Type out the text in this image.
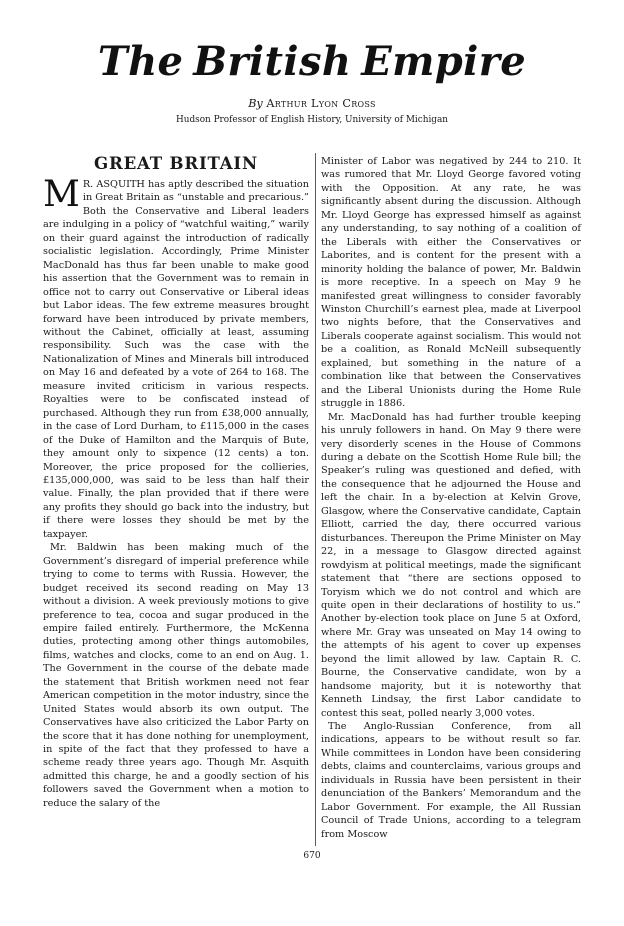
The British Empire
By Arthur Lyon Cross
Hudson Professor of English History, University of Michigan
GREAT BRITAIN

M R. ASQUITH has aptly described the situation in Great Britain as “unstable and precarious.” Both the Conservative and Liberal leaders are indulging in a policy of “watchful waiting,” warily on their guard against the introduction of radically socialistic legislation. Accordingly, Prime Minister MacDonald has thus far been unable to make good his assertion that the Government was to remain in office not to carry out Conservative or Liberal ideas but Labor ideas. The few extreme measures brought forward have been introduced by private members, without the Cabinet, officially at least, assuming responsibility. Such was the case with the Nationalization of Mines and Minerals bill introduced on May 16 and defeated by a vote of 264 to 168. The measure invited criticism in various respects. Royalties were to be confiscated instead of purchased. Although they run from £38,000 annually, in the case of Lord Durham, to £115,000 in the cases of the Duke of Hamilton and the Marquis of Bute, they amount only to sixpence (12 cents) a ton. Moreover, the price proposed for the collieries, £135,000,000, was said to be less than half their value. Finally, the plan provided that if there were any profits they should go back into the industry, but if there were losses they should be met by the taxpayer.

Mr. Baldwin has been making much of the Government’s disregard of imperial preference while trying to come to terms with Russia. However, the budget received its second reading on May 13 without a division. A week previously motions to give preference to tea, cocoa and sugar produced in the empire failed entirely. Furthermore, the McKenna duties, protecting among other things automobiles, films, watches and clocks, come to an end on Aug. 1. The Government in the course of the debate made the statement that British workmen need not fear American competition in the motor industry, since the United States would absorb its own output. The Conservatives have also criticized the Labor Party on the score that it has done nothing for unemployment, in spite of the fact that they professed to have a scheme ready three years ago. Though Mr. Asquith admitted this charge, he and a goodly section of his followers saved the Government when a motion to reduce the salary of the

Minister of Labor was negatived by 244 to 210. It was rumored that Mr. Lloyd George favored voting with the Opposition. At any rate, he was significantly absent during the discussion. Although Mr. Lloyd George has expressed himself as against any understanding, to say nothing of a coalition of the Liberals with either the Conservatives or Laborites, and is content for the present with a minority holding the balance of power, Mr. Baldwin is more receptive. In a speech on May 9 he manifested great willingness to consider favorably Winston Churchill’s earnest plea, made at Liverpool two nights before, that the Conservatives and Liberals cooperate against socialism. This would not be a coalition, as Ronald McNeill subsequently explained, but something in the nature of a combination like that between the Conservatives and the Liberal Unionists during the Home Rule struggle in 1886.

Mr. MacDonald has had further trouble keeping his unruly followers in hand. On May 9 there were very disorderly scenes in the House of Commons during a debate on the Scottish Home Rule bill; the Speaker’s ruling was questioned and defied, with the consequence that he adjourned the House and left the chair. In a by-election at Kelvin Grove, Glasgow, where the Conservative candidate, Captain Elliott, carried the day, there occurred various disturbances. Thereupon the Prime Minister on May 22, in a message to Glasgow directed against rowdyism at political meetings, made the significant statement that “there are sections opposed to Toryism which we do not control and which are quite open in their declarations of hostility to us.” Another by-election took place on June 5 at Oxford, where Mr. Gray was unseated on May 14 owing to the attempts of his agent to cover up expenses beyond the limit allowed by law. Captain R. C. Bourne, the Conservative candidate, won by a handsome majority, but it is noteworthy that Kenneth Lindsay, the first Labor candidate to contest this seat, polled nearly 3,000 votes.

The Anglo-Russian Conference, from all indications, appears to be without result so far. While committees in London have been considering debts, claims and counterclaims, various groups and individuals in Russia have been persistent in their denunciation of the Bankers’ Memorandum and the Labor Government. For example, the All Russian Council of Trade Unions, according to a telegram from Moscow

670
